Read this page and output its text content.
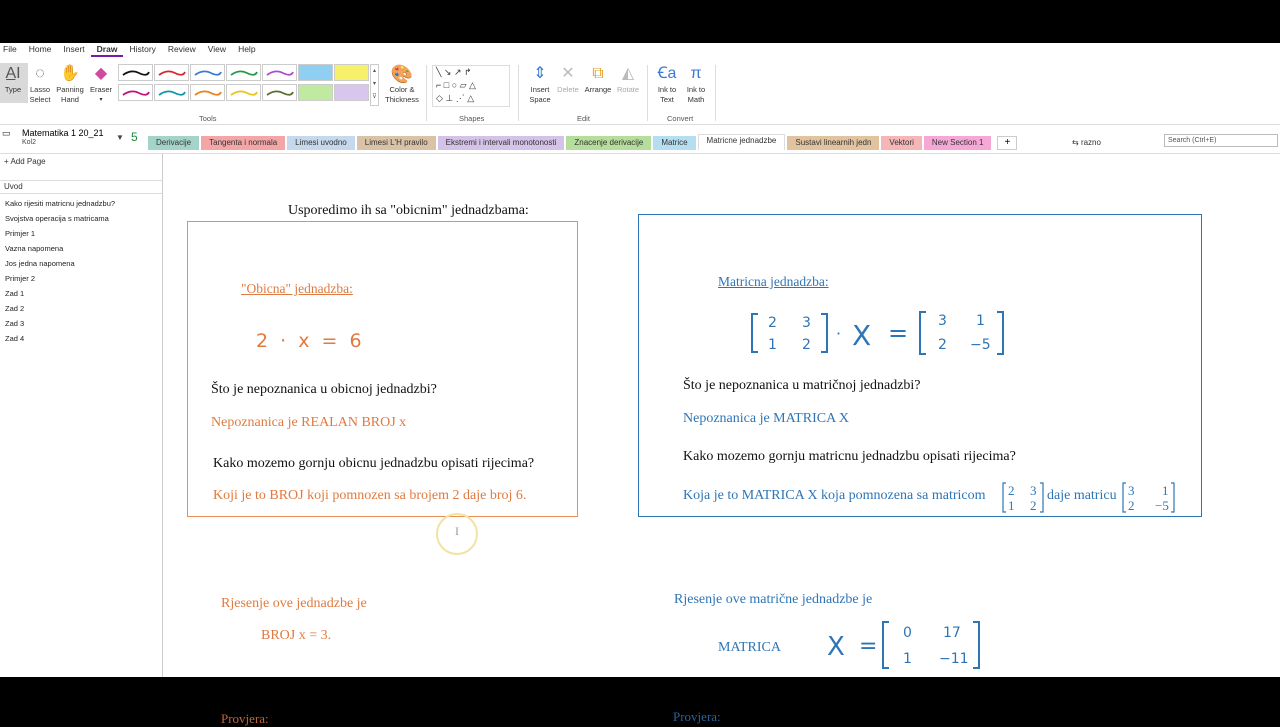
File	Home	Insert	Draw	History	Review	View	Help
A̲I
Type
◌
Lasso
Select
✋
Panning
Hand
◆
Eraser
▾
▴
▾
⊽
🎨
Color &
Thickness
Tools
╲ ↘ ↗ ↱
⌐ □ ○ ▱ △
◇ ⊥ ⋰ △
Shapes
⇕
Insert
Space
✕
Delete
⧉
Arrange
◭
Rotate
Edit
Ꞓa
Ink to
Text
π
Ink to
Math
Convert
▭ Matematika 1 20_21
Kol2
▼ 5	Derivacije	Tangenta i normala	Limesi uvodno	Limesi L'H pravilo	Ekstremi i intervali monotonosti	Znacenje derivacije	Matrice	Matricne jednadzbe	Sustavi linearnih jedn	Vektori	New Section 1	+	⇆ razno	Search (Ctrl+E)
+ Add Page
Uvod
Kako rijesiti matricnu jednadzbu?
Svojstva operacija s matricama
Primjer 1
Vazna napomena
Jos jedna napomena
Primjer 2
Zad 1
Zad 2
Zad 3
Zad 4
Usporedimo ih sa "obicnim" jednadzbama:
"Obicna" jednadzba:
2 · x = 6
Što je nepoznanica u obicnoj jednadzbi?
Nepoznanica je REALAN BROJ x
Kako mozemo gornju obicnu jednadzbu opisati rijecima?
Koji je to BROJ koji pomnozen sa brojem 2 daje broj 6.
Matricna jednadzba:
2 3
1 2
· X = 3 1
2 −5
Što je nepoznanica u matričnoj jednadzbi?
Nepoznanica je MATRICA X
Kako mozemo gornju matricnu jednadzbu opisati rijecima?
Koja je to MATRICA X koja pomnozena sa matricom 2 3
1 2
daje matricu 3 1
2 −5
I
Rjesenje ove jednadzbe je
BROJ x = 3.
Provjera:
Rjesenje ove matrične jednadzbe je
MATRICA X =
0 17
1 −11
Provjera:
